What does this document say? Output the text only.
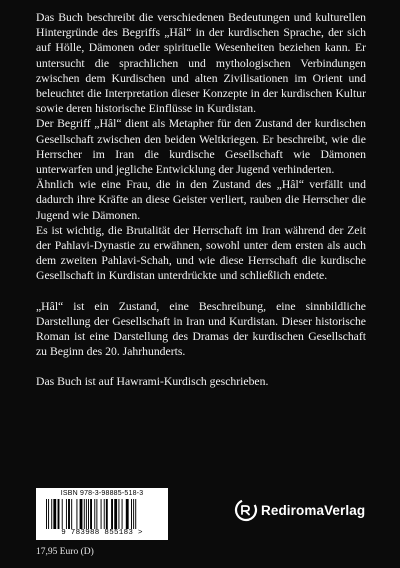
Das Buch beschreibt die verschiedenen Bedeutungen und kulturellen Hintergründe des Begriffs „Hâl“ in der kurdischen Sprache, der sich auf Hölle, Dämonen oder spirituelle Wesenheiten beziehen kann. Er untersucht die sprachlichen und mythologischen Verbindungen zwischen dem Kurdischen und alten Zivilisationen im Orient und beleuchtet die Interpretation dieser Konzepte in der kurdischen Kultur sowie deren historische Einflüsse in Kurdistan.

Der Begriff „Hâl“ dient als Metapher für den Zustand der kurdischen Gesellschaft zwischen den beiden Weltkriegen. Er beschreibt, wie die Herrscher im Iran die kurdische Gesellschaft wie Dämonen unterwarfen und jegliche Entwicklung der Jugend verhinderten.

Ähnlich wie eine Frau, die in den Zustand des „Hâl“ verfällt und dadurch ihre Kräfte an diese Geister verliert, rauben die Herrscher die Jugend wie Dämonen.

Es ist wichtig, die Brutalität der Herrschaft im Iran während der Zeit der Pahlavi-Dynastie zu erwähnen, sowohl unter dem ersten als auch dem zweiten Pahlavi-Schah, und wie diese Herrschaft die kurdische Gesellschaft in Kurdistan unterdrückte und schließlich endete.

„Hâl“ ist ein Zustand, eine Beschreibung, eine sinnbildliche Darstellung der Gesellschaft in Iran und Kurdistan. Dieser historische Roman ist eine Darstellung des Dramas der kurdischen Gesellschaft zu Beginn des 20. Jahrhunderts.

Das Buch ist auf Hawrami-Kurdisch geschrieben.

ISBN 978-3-98885-518-3
9 783988 855183 >
RediromaVerlag
17,95 Euro (D)
